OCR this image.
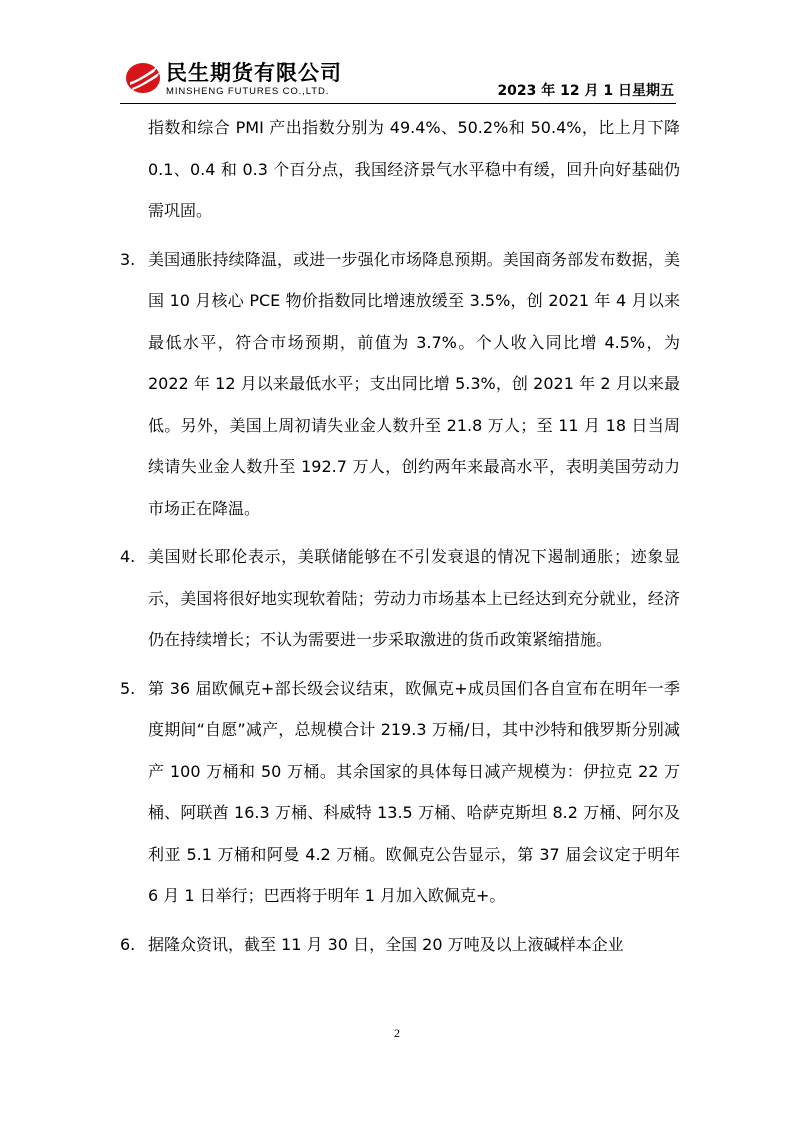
民生期货有限公司
MINSHENG FUTURES CO.,LTD.	2023 年 12 月 1 日星期五
指数和综合 PMI 产出指数分别为 49.4%、50.2%和 50.4%，比上月下降 0.1、0.4 和 0.3 个百分点，我国经济景气水平稳中有缓，回升向好基础仍需巩固。
3. 美国通胀持续降温，或进一步强化市场降息预期。美国商务部发布数据，美国 10 月核心 PCE 物价指数同比增速放缓至 3.5%，创 2021 年 4 月以来最低水平，符合市场预期，前值为 3.7%。个人收入同比增 4.5%，为 2022 年 12 月以来最低水平；支出同比增 5.3%，创 2021 年 2 月以来最低。另外，美国上周初请失业金人数升至 21.8 万人；至 11 月 18 日当周续请失业金人数升至 192.7 万人，创约两年来最高水平，表明美国劳动力市场正在降温。
4. 美国财长耶伦表示，美联储能够在不引发衰退的情况下遏制通胀；迹象显示，美国将很好地实现软着陆；劳动力市场基本上已经达到充分就业，经济仍在持续增长；不认为需要进一步采取激进的货币政策紧缩措施。
5. 第 36 届欧佩克+部长级会议结束，欧佩克+成员国们各自宣布在明年一季度期间“自愿”减产，总规模合计 219.3 万桶/日，其中沙特和俄罗斯分别减产 100 万桶和 50 万桶。其余国家的具体每日减产规模为：伊拉克 22 万桶、阿联酋 16.3 万桶、科威特 13.5 万桶、哈萨克斯坦 8.2 万桶、阿尔及利亚 5.1 万桶和阿曼 4.2 万桶。欧佩克公告显示，第 37 届会议定于明年 6 月 1 日举行；巴西将于明年 1 月加入欧佩克+。
6. 据隆众资讯，截至 11 月 30 日，全国 20 万吨及以上液碱样本企业
2
